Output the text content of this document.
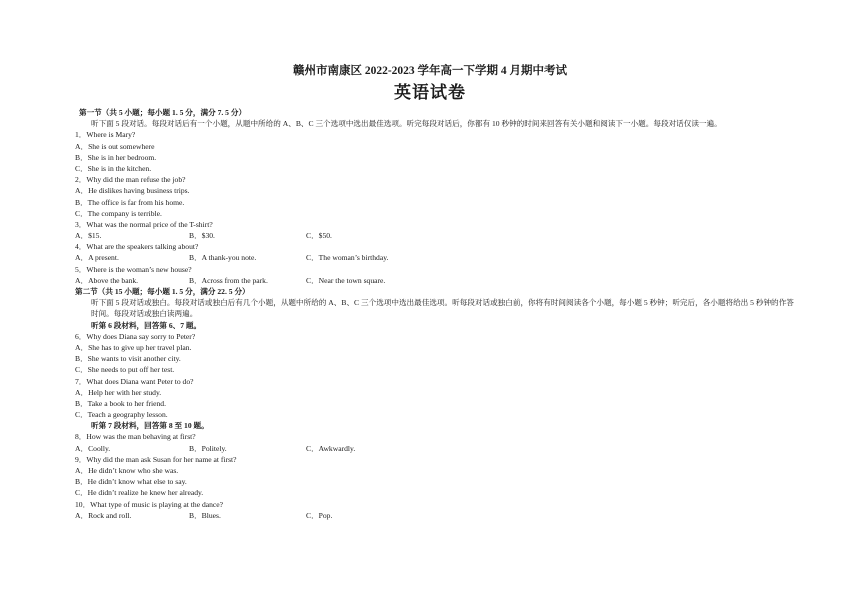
赣州市南康区 2022-2023 学年高一下学期 4 月期中考试
英语试卷
第一节（共 5 小题；每小题 1. 5 分，满分 7. 5 分）
听下面 5 段对话。每段对话后有一个小题，从题中所给的 A、B、C 三个选项中选出最佳选项。听完每段对话后，你都有 10 秒钟的时间来回答有关小题和阅读下一小题。每段对话仅读一遍。
1．Where is Mary?
A．She is out somewhere
B．She is in her bedroom.
C．She is in the kitchen.
2．Why did the man refuse the job?
A．He dislikes having business trips.
B．The office is far from his home.
C．The company is terrible.
3．What was the normal price of the T-shirt?
A．$15.	B．$30.	C．$50.
4．What are the speakers talking about?
A．A present.	B．A thank-you note.	C．The woman’s birthday.
5．Where is the woman’s new house?
A．Above the bank.	B．Across from the park.	C．Near the town square.
第二节（共 15 小题；每小题 1. 5 分，满分 22. 5 分）
听下面 5 段对话或独白。每段对话或独白后有几个小题，从题中所给的 A、B、C 三个选项中选出最佳选项。听每段对话或独白前，你将有时间阅读各个小题，每小题 5 秒钟；听完后，各小题将给出 5 秒钟的作答时间。每段对话或独白读两遍。
听第 6 段材料，回答第 6、7 题。
6．Why does Diana say sorry to Peter?
A．She has to give up her travel plan.
B．She wants to visit another city.
C．She needs to put off her test.
7．What does Diana want Peter to do?
A．Help her with her study.
B．Take a book to her friend.
C．Teach a geography lesson.
听第 7 段材料，回答第 8 至 10 题。
8．How was the man behaving at first?
A．Coolly.	B．Politely.	C．Awkwardly.
9．Why did the man ask Susan for her name at first?
A．He didn’t know who she was.
B．He didn’t know what else to say.
C．He didn’t realize he knew her already.
10．What type of music is playing at the dance?
A．Rock and roll.	B．Blues.	C．Pop.
